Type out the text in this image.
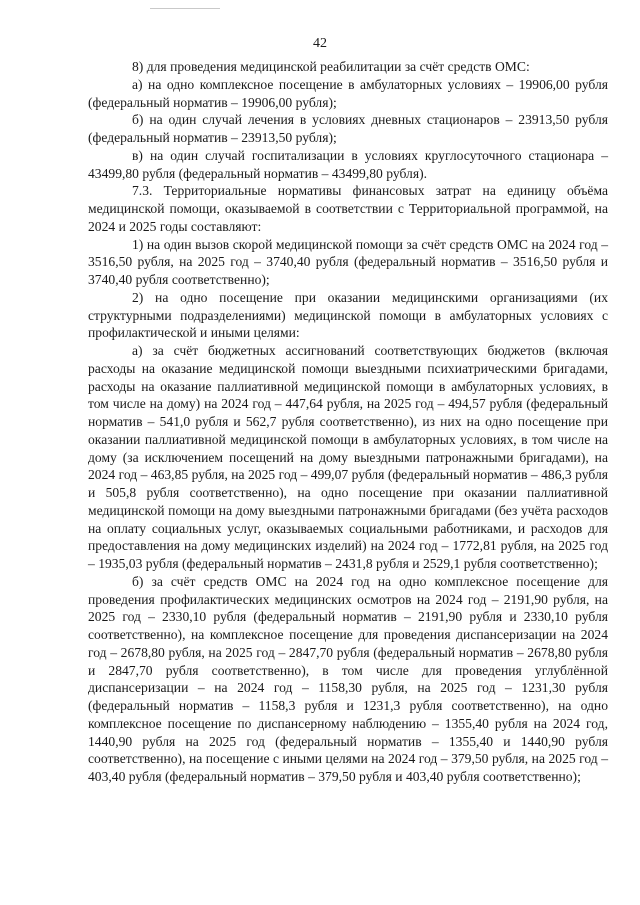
42

8) для проведения медицинской реабилитации за счёт средств ОМС:

а) на одно комплексное посещение в амбулаторных условиях – 19906,00 рубля (федеральный норматив – 19906,00 рубля);

б) на один случай лечения в условиях дневных стационаров – 23913,50 рубля (федеральный норматив – 23913,50 рубля);

в) на один случай госпитализации в условиях круглосуточного стационара – 43499,80 рубля (федеральный норматив – 43499,80 рубля).

7.3. Территориальные нормативы финансовых затрат на единицу объёма медицинской помощи, оказываемой в соответствии с Территориальной программой, на 2024 и 2025 годы составляют:

1) на один вызов скорой медицинской помощи за счёт средств ОМС на 2024 год – 3516,50 рубля, на 2025 год – 3740,40 рубля (федеральный норматив – 3516,50 рубля и 3740,40 рубля соответственно);

2) на одно посещение при оказании медицинскими организациями (их структурными подразделениями) медицинской помощи в амбулаторных условиях с профилактической и иными целями:

а) за счёт бюджетных ассигнований соответствующих бюджетов (включая расходы на оказание медицинской помощи выездными психиатрическими бригадами, расходы на оказание паллиативной медицинской помощи в амбулаторных условиях, в том числе на дому) на 2024 год – 447,64 рубля, на 2025 год – 494,57 рубля (федеральный норматив – 541,0 рубля и 562,7 рубля соответственно), из них на одно посещение при оказании паллиативной медицинской помощи в амбулаторных условиях, в том числе на дому (за исключением посещений на дому выездными патронажными бригадами), на 2024 год – 463,85 рубля, на 2025 год – 499,07 рубля (федеральный норматив – 486,3 рубля и 505,8 рубля соответственно), на одно посещение при оказании паллиативной медицинской помощи на дому выездными патронажными бригадами (без учёта расходов на оплату социальных услуг, оказываемых социальными работниками, и расходов для предоставления на дому медицинских изделий) на 2024 год – 1772,81 рубля, на 2025 год – 1935,03 рубля (федеральный норматив – 2431,8 рубля и 2529,1 рубля соответственно);

б) за счёт средств ОМС на 2024 год на одно комплексное посещение для проведения профилактических медицинских осмотров на 2024 год – 2191,90 рубля, на 2025 год – 2330,10 рубля (федеральный норматив – 2191,90 рубля и 2330,10 рубля соответственно), на комплексное посещение для проведения диспансеризации на 2024 год – 2678,80 рубля, на 2025 год – 2847,70 рубля (федеральный норматив – 2678,80 рубля и 2847,70 рубля соответственно), в том числе для проведения углублённой диспансеризации – на 2024 год – 1158,30 рубля, на 2025 год – 1231,30 рубля (федеральный норматив – 1158,3 рубля и 1231,3 рубля соответственно), на одно комплексное посещение по диспансерному наблюдению – 1355,40 рубля на 2024 год, 1440,90 рубля на 2025 год (федеральный норматив – 1355,40 и 1440,90 рубля соответственно), на посещение с иными целями на 2024 год – 379,50 рубля, на 2025 год – 403,40 рубля (федеральный норматив – 379,50 рубля и 403,40 рубля соответственно);
